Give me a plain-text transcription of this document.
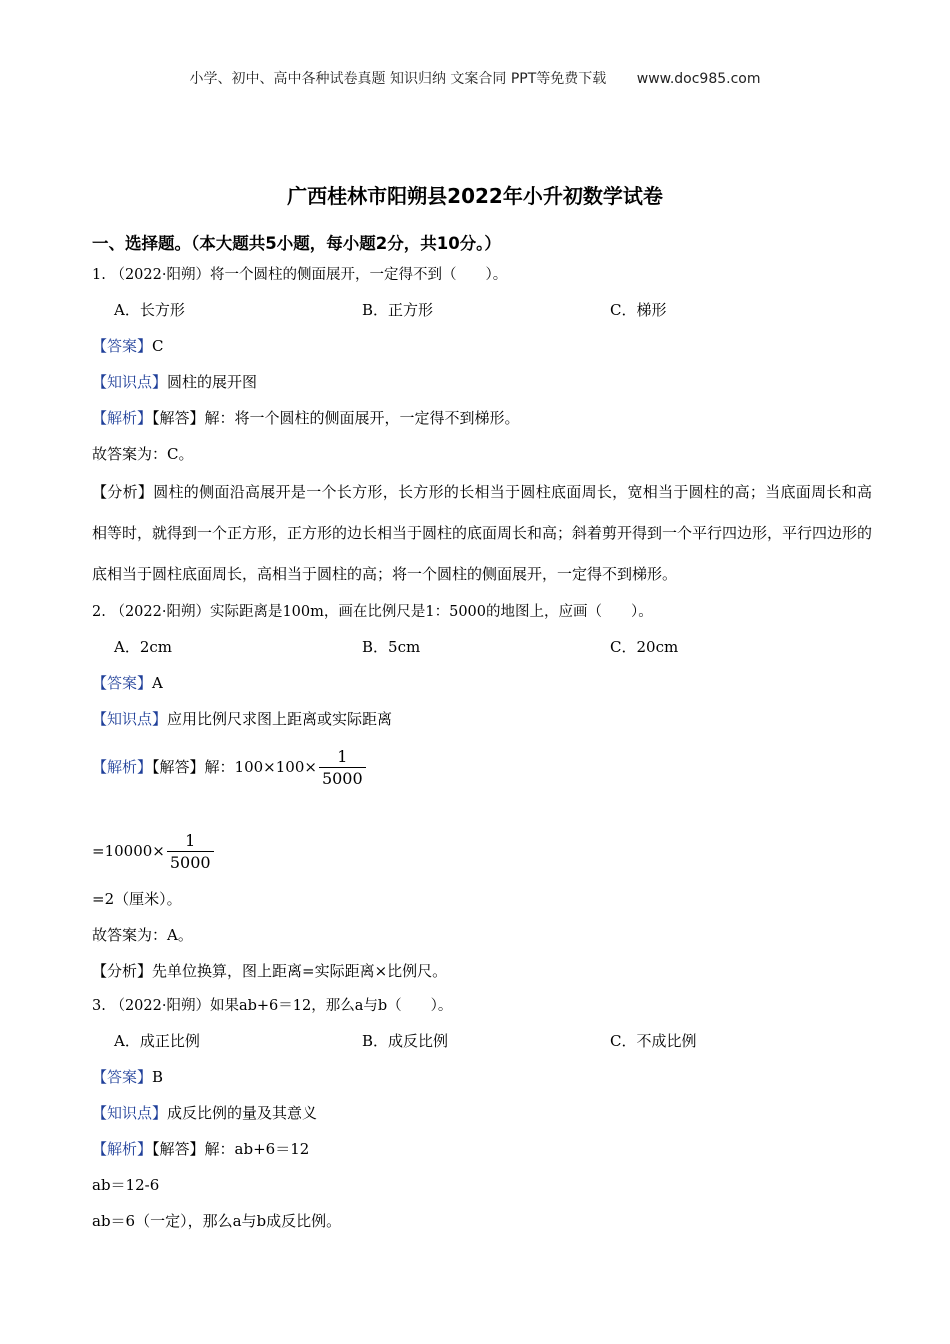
小学、初中、高中各种试卷真题 知识归纳 文案合同 PPT等免费下载 www.doc985.com
广西桂林市阳朔县2022年小升初数学试卷
一、选择题。（本大题共5小题，每小题2分，共10分。）
1. （2022·阳朔）将一个圆柱的侧面展开，一定得不到（　　）。
A．长方形	B．正方形	C．梯形
【答案】C
【知识点】圆柱的展开图
【解析】【解答】解：将一个圆柱的侧面展开，一定得不到梯形。
故答案为：C。
【分析】圆柱的侧面沿高展开是一个长方形，长方形的长相当于圆柱底面周长，宽相当于圆柱的高；当底面周长和高相等时，就得到一个正方形，正方形的边长相当于圆柱的底面周长和高；斜着剪开得到一个平行四边形，平行四边形的底相当于圆柱底面周长，高相当于圆柱的高；将一个圆柱的侧面展开，一定得不到梯形。
2. （2022·阳朔）实际距离是100m，画在比例尺是1：5000的地图上，应画（　　）。
A．2cm	B．5cm	C．20cm
【答案】A
【知识点】应用比例尺求图上距离或实际距离
【解析】【解答】解：$100\times 100\times \frac{1}{5000}$
$=10000\times \frac{1}{5000}$
=2（厘米）。
故答案为：A。
【分析】先单位换算，图上距离=实际距离×比例尺。
3. （2022·阳朔）如果ab+6＝12，那么a与b（　　）。
A．成正比例	B．成反比例	C．不成比例
【答案】B
【知识点】成反比例的量及其意义
【解析】【解答】解：ab+6＝12
ab＝12-6
ab＝6（一定），那么a与b成反比例。
